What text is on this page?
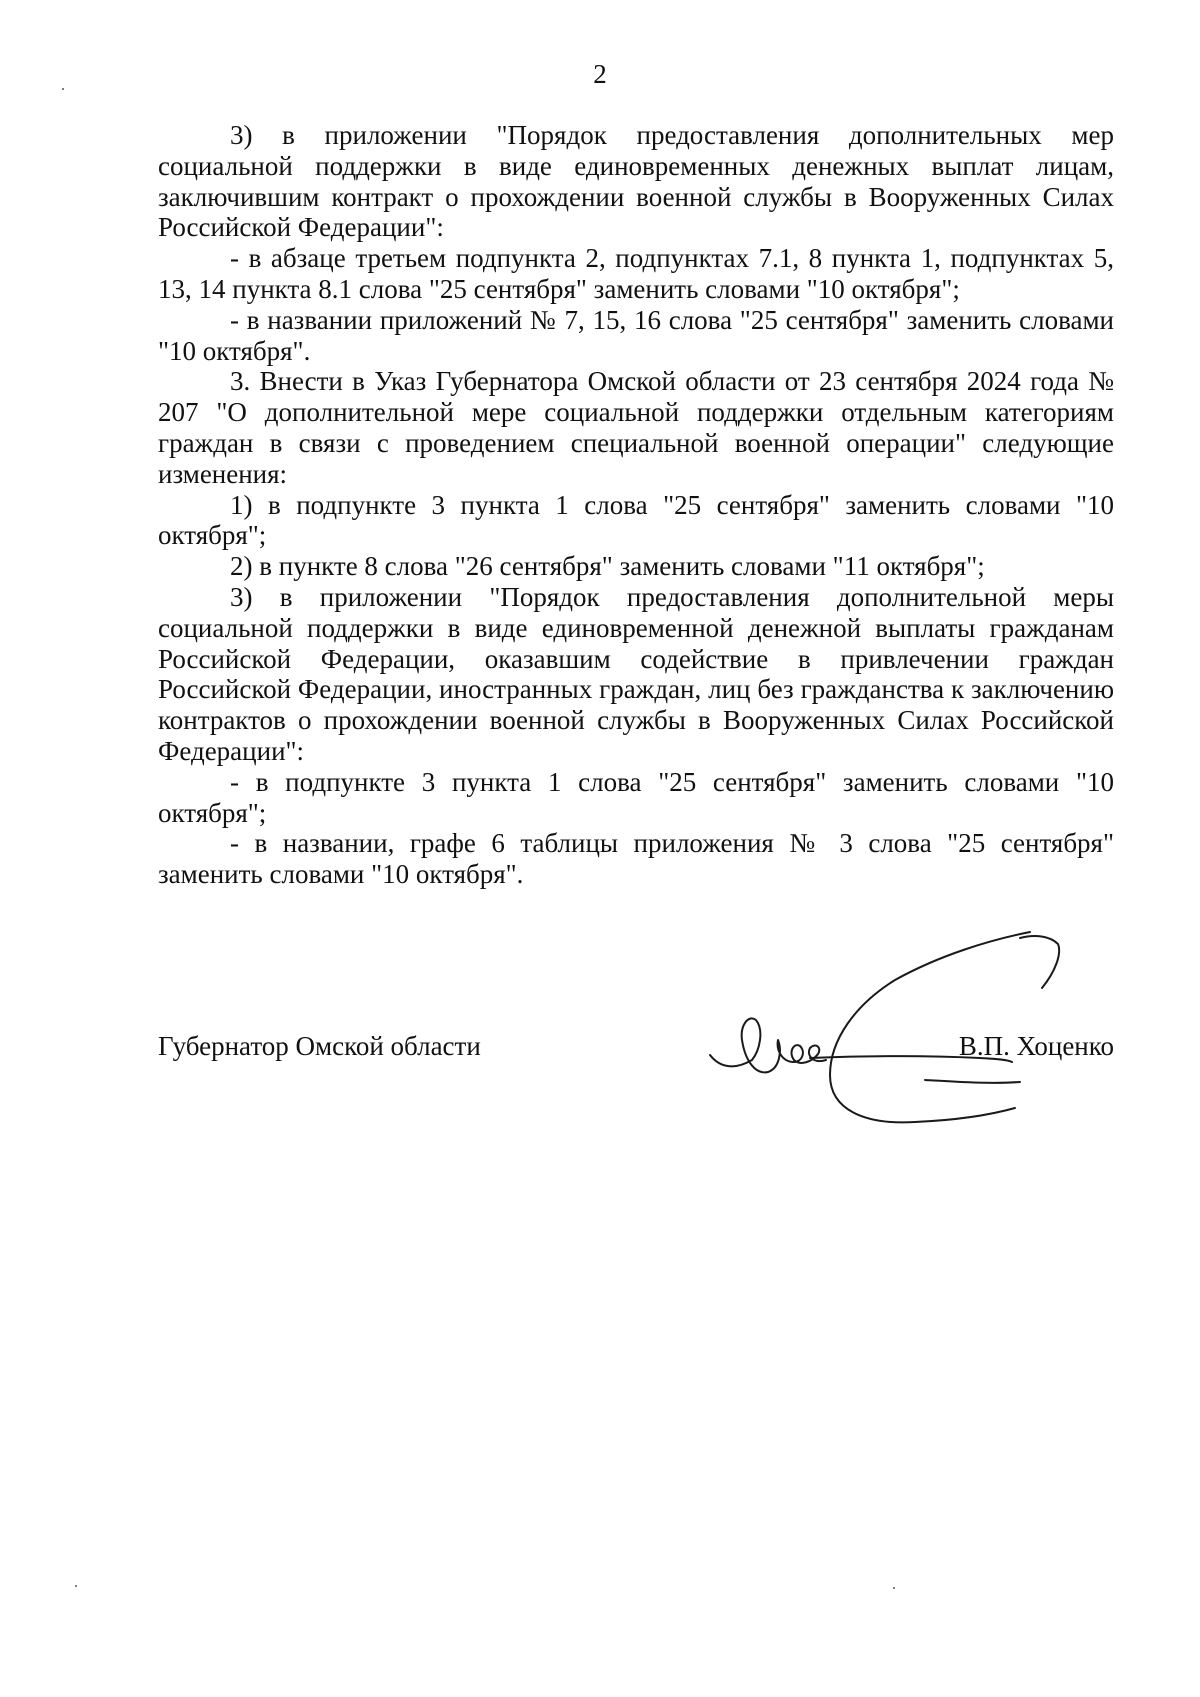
2

3) в приложении "Порядок предоставления дополнительных мер социальной поддержки в виде единовременных денежных выплат лицам, заключившим контракт о прохождении военной службы в Вооруженных Силах Российской Федерации":

- в абзаце третьем подпункта 2, подпунктах 7.1, 8 пункта 1, подпунктах 5, 13, 14 пункта 8.1 слова "25 сентября" заменить словами "10 октября";

- в названии приложений № 7, 15, 16 слова "25 сентября" заменить словами "10 октября".

3. Внести в Указ Губернатора Омской области от 23 сентября 2024 года № 207 "О дополнительной мере социальной поддержки отдельным категориям граждан в связи с проведением специальной военной операции" следующие изменения:

1) в подпункте 3 пункта 1 слова "25 сентября" заменить словами "10 октября";

2) в пункте 8 слова "26 сентября" заменить словами "11 октября";

3) в приложении "Порядок предоставления дополнительной меры социальной поддержки в виде единовременной денежной выплаты гражданам Российской Федерации, оказавшим содействие в привлечении граждан Российской Федерации, иностранных граждан, лиц без гражданства к заключению контрактов о прохождении военной службы в Вооруженных Силах Российской Федерации":

- в подпункте 3 пункта 1 слова "25 сентября" заменить словами "10 октября";

- в названии, графе 6 таблицы приложения № 3 слова "25 сентября" заменить словами "10 октября".

Губернатор Омской области	В.П. Хоценко
